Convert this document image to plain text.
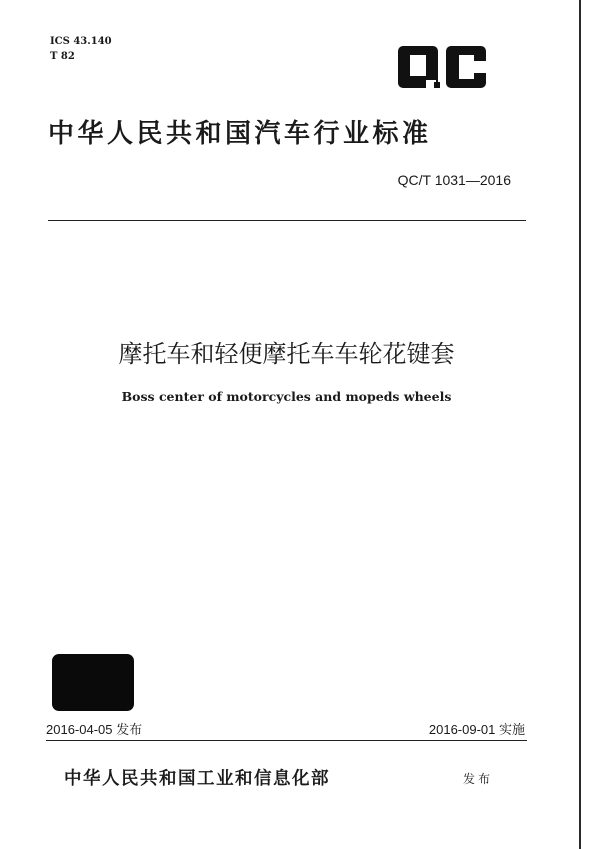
ICS 43.140
T 82
中华人民共和国汽车行业标准
QC/T 1031—2016
摩托车和轻便摩托车车轮花键套
Boss center of motorcycles and mopeds wheels
2016-04-05 发布	2016-09-01 实施
中华人民共和国工业和信息化部	发布
